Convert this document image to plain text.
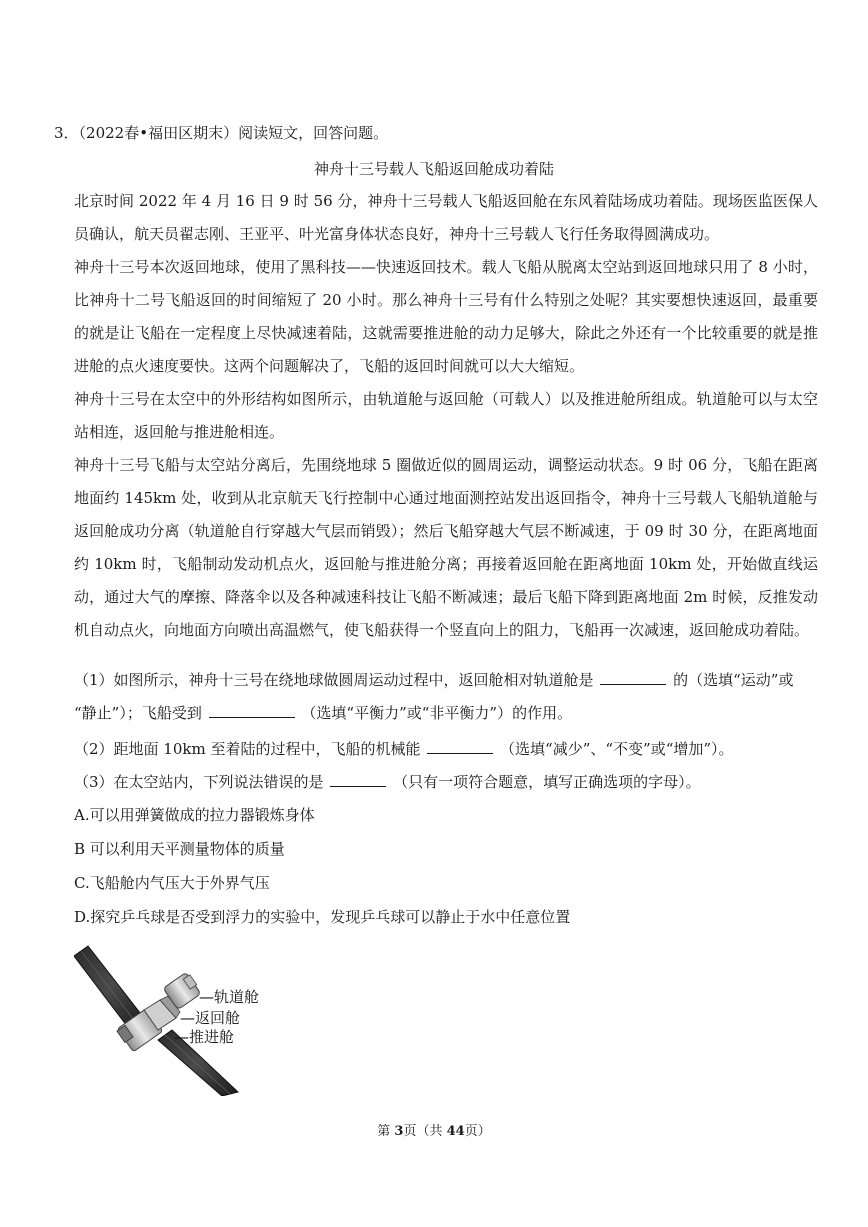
3．（2022春•福田区期末）阅读短文，回答问题。
神舟十三号载人飞船返回舱成功着陆
北京时间 2022 年 4 月 16 日 9 时 56 分，神舟十三号载人飞船返回舱在东风着陆场成功着陆。现场医监医保人员确认，航天员翟志刚、王亚平、叶光富身体状态良好，神舟十三号载人飞行任务取得圆满成功。
神舟十三号本次返回地球，使用了黑科技——快速返回技术。载人飞船从脱离太空站到返回地球只用了 8 小时，比神舟十二号飞船返回的时间缩短了 20 小时。那么神舟十三号有什么特别之处呢？其实要想快速返回，最重要的就是让飞船在一定程度上尽快减速着陆，这就需要推进舱的动力足够大，除此之外还有一个比较重要的就是推进舱的点火速度要快。这两个问题解决了，飞船的返回时间就可以大大缩短。
神舟十三号在太空中的外形结构如图所示，由轨道舱与返回舱（可载人）以及推进舱所组成。轨道舱可以与太空站相连，返回舱与推进舱相连。
神舟十三号飞船与太空站分离后，先围绕地球 5 圈做近似的圆周运动，调整运动状态。9 时 06 分，飞船在距离地面约 145km 处，收到从北京航天飞行控制中心通过地面测控站发出返回指令，神舟十三号载人飞船轨道舱与返回舱成功分离（轨道舱自行穿越大气层而销毁）；然后飞船穿越大气层不断减速，于 09 时 30 分，在距离地面约 10km 时，飞船制动发动机点火，返回舱与推进舱分离；再接着返回舱在距离地面 10km 处，开始做直线运动，通过大气的摩擦、降落伞以及各种减速科技让飞船不断减速；最后飞船下降到距离地面 2m 时候，反推发动机自动点火，向地面方向喷出高温燃气，使飞船获得一个竖直向上的阻力，飞船再一次减速，返回舱成功着陆。
（1）如图所示，神舟十三号在绕地球做圆周运动过程中，返回舱相对轨道舱是	的（选填“运动”或
“静止”）；飞船受到	（选填“平衡力”或“非平衡力”）的作用。
（2）距地面 10km 至着陆的过程中，飞船的机械能	（选填“减少”、“不变”或“增加”）。
（3）在太空站内，下列说法错误的是	（只有一项符合题意，填写正确选项的字母）。
A.可以用弹簧做成的拉力器锻炼身体
B 可以利用天平测量物体的质量
C.飞船舱内气压大于外界气压
D.探究乒乓球是否受到浮力的实验中，发现乒乓球可以静止于水中任意位置
—轨道舱
—返回舱
—推进舱
第 3页（共 44页）
